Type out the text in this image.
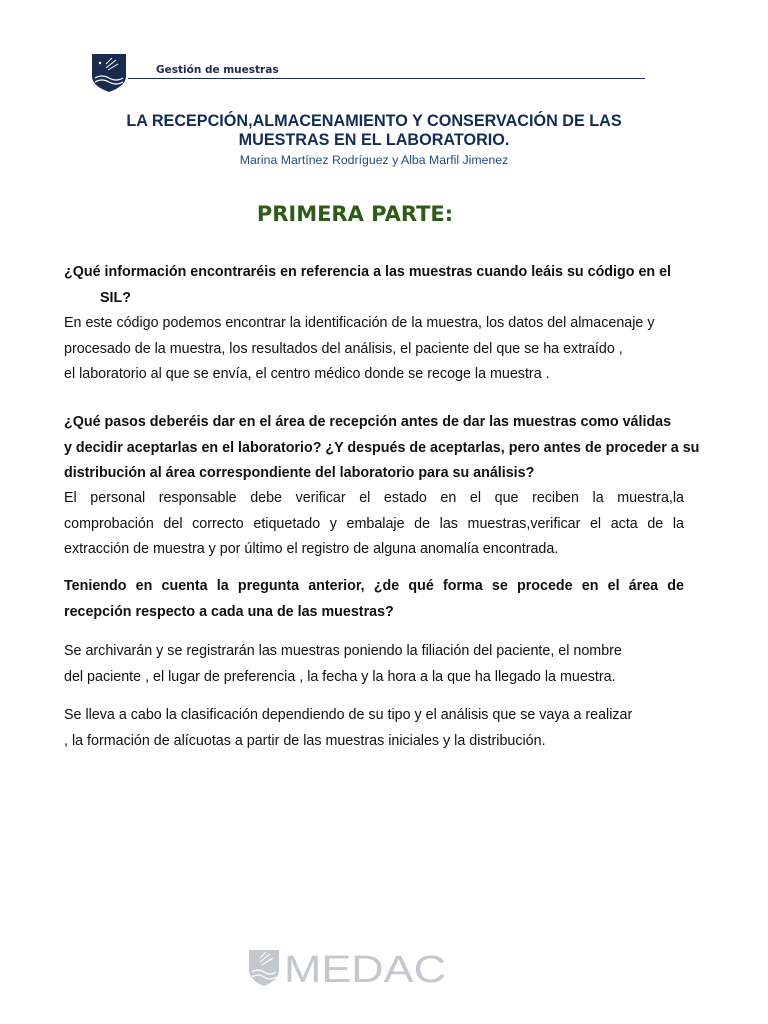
Gestión de muestras
LA RECEPCIÓN,ALMACENAMIENTO Y CONSERVACIÓN DE LAS
MUESTRAS EN EL LABORATORIO.
Marina Martínez Rodríguez y Alba Marfil Jimenez
PRIMERA PARTE:
¿Qué información encontraréis en referencia a las muestras cuando leáis su código en el
SIL?
En este código podemos encontrar la identificación de la muestra, los datos del almacenaje y
procesado de la muestra, los resultados del análisis, el paciente del que se ha extraído ,
el laboratorio al que se envía, el centro médico donde se recoge la muestra .
¿Qué pasos deberéis dar en el área de recepción antes de dar las muestras como válidas
y decidir aceptarlas en el laboratorio? ¿Y después de aceptarlas, pero antes de proceder a su
distribución al área correspondiente del laboratorio para su análisis?
El personal responsable debe verificar el estado en el que reciben la muestra,la
comprobación del correcto etiquetado y embalaje de las muestras,verificar el acta de la
extracción de muestra y por último el registro de alguna anomalía encontrada.
Teniendo en cuenta la pregunta anterior, ¿de qué forma se procede en el área de
recepción respecto a cada una de las muestras?
Se archivarán y se registrarán las muestras poniendo la filiación del paciente, el nombre
del paciente , el lugar de preferencia , la fecha y la hora a la que ha llegado la muestra.
Se lleva a cabo la clasificación dependiendo de su tipo y el análisis que se vaya a realizar
, la formación de alícuotas a partir de las muestras iniciales y la distribución.
MEDAC
